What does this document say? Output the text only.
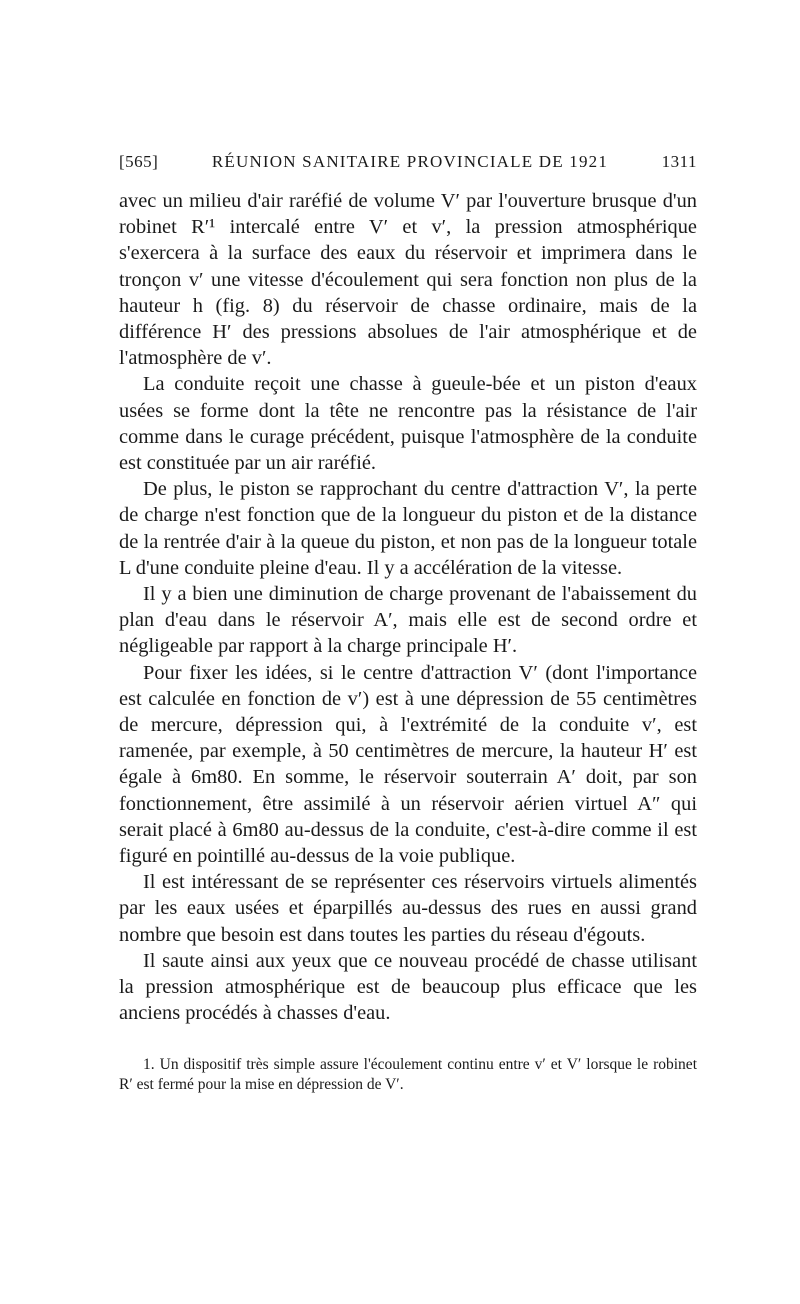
[565]	RÉUNION SANITAIRE PROVINCIALE DE 1921	1311

avec un milieu d'air raréfié de volume V′ par l'ouverture brusque d'un robinet R′¹ intercalé entre V′ et v′, la pression atmosphérique s'exercera à la surface des eaux du réservoir et imprimera dans le tronçon v′ une vitesse d'écoulement qui sera fonction non plus de la hauteur h (fig. 8) du réservoir de chasse ordinaire, mais de la différence H′ des pressions absolues de l'air atmosphérique et de l'atmosphère de v′.

La conduite reçoit une chasse à gueule-bée et un piston d'eaux usées se forme dont la tête ne rencontre pas la résistance de l'air comme dans le curage précédent, puisque l'atmosphère de la conduite est constituée par un air raréfié.

De plus, le piston se rapprochant du centre d'attraction V′, la perte de charge n'est fonction que de la longueur du piston et de la distance de la rentrée d'air à la queue du piston, et non pas de la longueur totale L d'une conduite pleine d'eau. Il y a accélération de la vitesse.

Il y a bien une diminution de charge provenant de l'abaissement du plan d'eau dans le réservoir A′, mais elle est de second ordre et négligeable par rapport à la charge principale H′.

Pour fixer les idées, si le centre d'attraction V′ (dont l'importance est calculée en fonction de v′) est à une dépression de 55 centimètres de mercure, dépression qui, à l'extrémité de la conduite v′, est ramenée, par exemple, à 50 centimètres de mercure, la hauteur H′ est égale à 6m80. En somme, le réservoir souterrain A′ doit, par son fonctionnement, être assimilé à un réservoir aérien virtuel A″ qui serait placé à 6m80 au-dessus de la conduite, c'est-à-dire comme il est figuré en pointillé au-dessus de la voie publique.

Il est intéressant de se représenter ces réservoirs virtuels alimentés par les eaux usées et éparpillés au-dessus des rues en aussi grand nombre que besoin est dans toutes les parties du réseau d'égouts.

Il saute ainsi aux yeux que ce nouveau procédé de chasse utilisant la pression atmosphérique est de beaucoup plus efficace que les anciens procédés à chasses d'eau.

1. Un dispositif très simple assure l'écoulement continu entre v′ et V′ lorsque le robinet R′ est fermé pour la mise en dépression de V′.
